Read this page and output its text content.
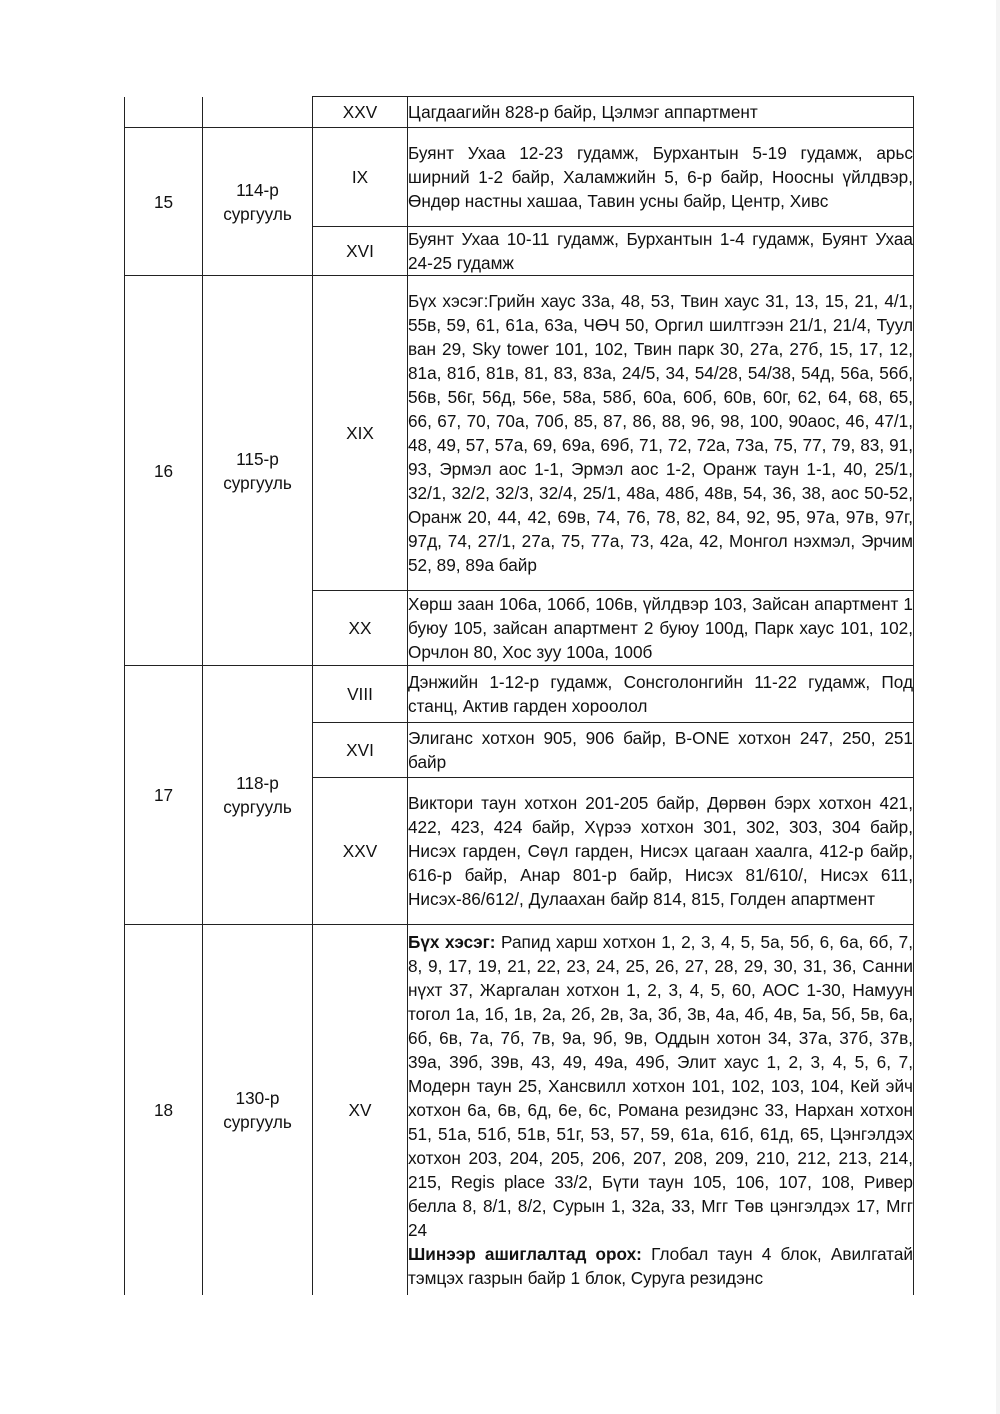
		XXV	Цагдаагийн 828-р байр, Цэлмэг аппартмент
15	114-р сургууль	IX	Буянт Ухаа 12-23 гудамж, Бурхантын 5-19 гудамж, арьс ширний 1-2 байр, Халамжийн 5, 6-р байр, Ноосны үйлдвэр, Өндөр настны хашаа, Тавин усны байр, Центр, Хивс
		XVI	Буянт Ухаа 10-11 гудамж, Бурхантын 1-4 гудамж, Буянт Ухаа 24-25 гудамж
16	115-р сургууль	XIX	Бүх хэсэг:Грийн хаус 33а, 48, 53, Твин хаус 31, 13, 15, 21, 4/1, 55в, 59, 61, 61а, 63а, ЧӨЧ 50, Оргил шилтгээн 21/1, 21/4, Туул ван 29, Sky tower 101, 102, Твин парк 30, 27а, 27б, 15, 17, 12, 81а, 81б, 81в, 81, 83, 83а, 24/5, 34, 54/28, 54/38, 54д, 56а, 56б, 56в, 56г, 56д, 56е, 58а, 58б, 60а, 60б, 60в, 60г, 62, 64, 68, 65, 66, 67, 70, 70а, 70б, 85, 87, 86, 88, 96, 98, 100, 90аос, 46, 47/1, 48, 49, 57, 57а, 69, 69а, 69б, 71, 72, 72а, 73а, 75, 77, 79, 83, 91, 93, Эрмэл аос 1-1, Эрмэл аос 1-2, Оранж таун 1-1, 40, 25/1, 32/1, 32/2, 32/3, 32/4, 25/1, 48а, 48б, 48в, 54, 36, 38, аос 50-52, Оранж 20, 44, 42, 69в, 74, 76, 78, 82, 84, 92, 95, 97а, 97в, 97г, 97д, 74, 27/1, 27а, 75, 77а, 73, 42а, 42, Монгол нэхмэл, Эрчим 52, 89, 89а байр
		XX	Хөрш заан 106а, 106б, 106в, үйлдвэр 103, Зайсан апартмент 1 буюу 105, зайсан апартмент 2 буюу 100д, Парк хаус 101, 102, Орчлон 80, Хос зуу 100а, 100б
17	118-р сургууль	VIII	Дэнжийн 1-12-р гудамж, Сонсголонгийн 11-22 гудамж, Под станц, Актив гарден хороолол
		XVI	Элиганс хотхон 905, 906 байр, B-ONE хотхон 247, 250, 251 байр
		XXV	Виктори таун хотхон 201-205 байр, Дөрвөн бэрх хотхон 421, 422, 423, 424 байр, Хүрээ хотхон 301, 302, 303, 304 байр, Нисэх гарден, Сөүл гарден, Нисэх цагаан хаалга, 412-р байр, 616-р байр, Анар 801-р байр, Нисэх 81/610/, Нисэх 611, Нисэх-86/612/, Дулаахан байр 814, 815, Голден апартмент
18	130-р сургууль	XV	Бүх хэсэг: Рапид харш хотхон 1, 2, 3, 4, 5, 5а, 5б, 6, 6а, 6б, 7, 8, 9, 17, 19, 21, 22, 23, 24, 25, 26, 27, 28, 29, 30, 31, 36, Санни нүхт 37, Жаргалан хотхон 1, 2, 3, 4, 5, 60, АОС 1-30, Намуун тогол 1а, 1б, 1в, 2а, 2б, 2в, 3а, 3б, 3в, 4а, 4б, 4в, 5а, 5б, 5в, 6а, 6б, 6в, 7а, 7б, 7в, 9а, 9б, 9в, Оддын хотон 34, 37а, 37б, 37в, 39а, 39б, 39в, 43, 49, 49а, 49б, Элит хаус 1, 2, 3, 4, 5, 6, 7, Модерн таун 25, Хансвилл хотхон 101, 102, 103, 104, Кей эйч хотхон 6а, 6в, 6д, 6е, 6с, Романа резидэнс 33, Нархан хотхон 51, 51а, 51б, 51в, 51г, 53, 57, 59, 61а, 61б, 61д, 65, Цэнгэлдэх хотхон 203, 204, 205, 206, 207, 208, 209, 210, 212, 213, 214, 215, Regis place 33/2, Бүти таун 105, 106, 107, 108, Ривер белла 8, 8/1, 8/2, Сурын 1, 32а, 33, Мгг Төв цэнгэлдэх 17, Мгг 24
Шинээр ашиглалтад орох: Глобал таун 4 блок, Авилгатай тэмцэх газрын байр 1 блок, Суруга резидэнс
